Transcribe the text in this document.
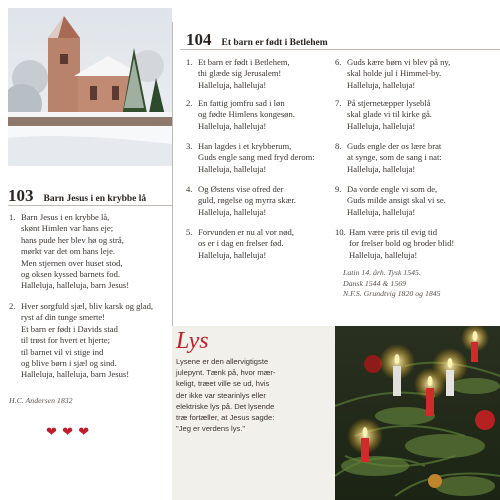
103 Barn Jesus i en krybbe lå
1. Barn Jesus i en krybbe lå,
skønt Himlen var hans eje;
hans pude her blev hø og strå,
mørkt var det om hans leje.
Men stjernen over huset stod,
og oksen kyssed barnets fod.
Halleluja, halleluja, barn Jesus!
2. Hver sorgfuld sjæl, bliv karsk og glad,
ryst af din tunge smerte!
Et barn er født i Davids stad
til trøst for hvert et hjerte;
til barnet vil vi stige ind
og blive børn i sjæl og sind.
Halleluja, halleluja, barn Jesus!
H.C. Andersen 1832
❤ ❤ ❤
104 Et barn er født i Betlehem
1. Et barn er født i Betlehem,
thi glæde sig Jerusalem!
Halleluja, halleluja!
2. En fattig jomfru sad i løn
og fødte Himlens kongesøn.
Halleluja, halleluja!
3. Han lagdes i et krybberum,
Guds engle sang med fryd derom:
Halleluja, halleluja!
4. Og Østens vise ofred der
guld, røgelse og myrra skær.
Halleluja, halleluja!
5. Forvunden er nu al vor nød,
os er i dag en frelser fød.
Halleluja, halleluja!
6. Guds kære børn vi blev på ny,
skal holde jul i Himmel-by.
Halleluja, halleluja!
7. På stjernetæpper lyseblå
skal glade vi til kirke gå.
Halleluja, halleluja!
8. Guds engle der os lære brat
at synge, som de sang i nat:
Halleluja, halleluja!
9. Da vorde engle vi som de,
Guds milde ansigt skal vi se.
Halleluja, halleluja!
10. Ham være pris til evig tid
for frelser bold og broder blid!
Halleluja, halleluja!
Latin 14. årh. Tysk 1545.
Dansk 1544 & 1569
N.F.S. Grundtvig 1820 og 1845
Lys
Lysene er den allervigtigste
julepynt. Tænk på, hvor mær-
keligt, træet ville se ud, hvis
der ikke var stearinlys eller
elektriske lys på. Det lysende
træ fortæller, at Jesus sagde:
"Jeg er verdens lys."
